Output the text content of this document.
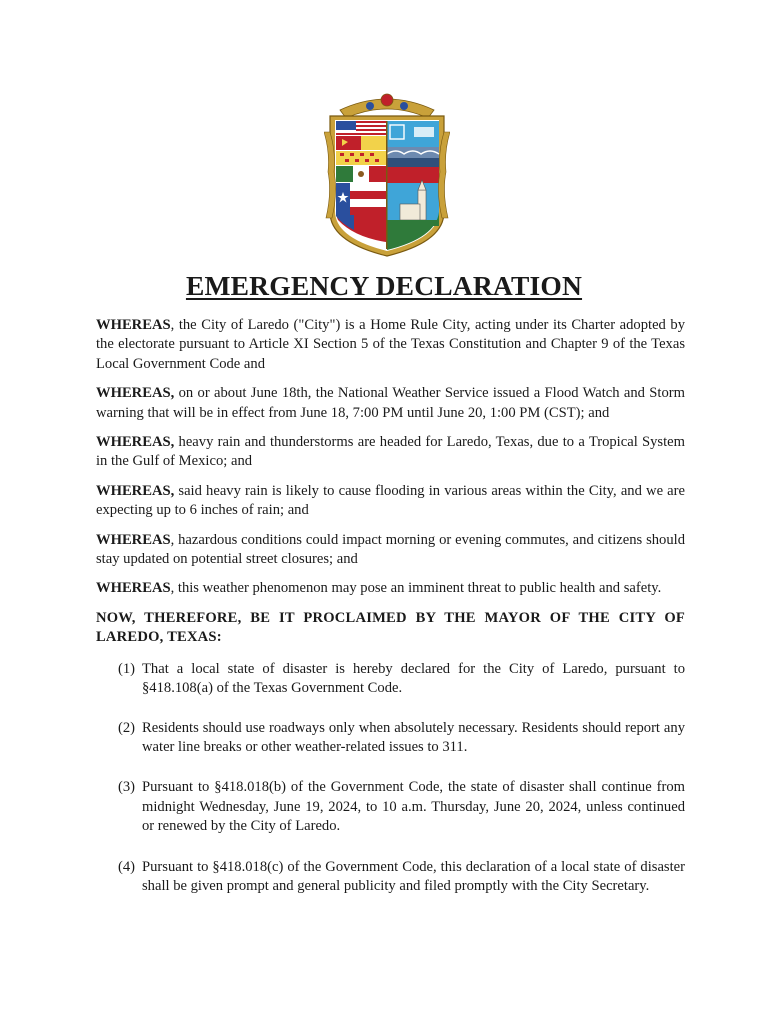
EMERGENCY DECLARATION

WHEREAS, the City of Laredo ("City") is a Home Rule City, acting under its Charter adopted by the electorate pursuant to Article XI Section 5 of the Texas Constitution and Chapter 9 of the Texas Local Government Code and

WHEREAS, on or about June 18th, the National Weather Service issued a Flood Watch and Storm warning that will be in effect from June 18, 7:00 PM until June 20, 1:00 PM (CST); and

WHEREAS, heavy rain and thunderstorms are headed for Laredo, Texas, due to a Tropical System in the Gulf of Mexico; and

WHEREAS, said heavy rain is likely to cause flooding in various areas within the City, and we are expecting up to 6 inches of rain; and

WHEREAS, hazardous conditions could impact morning or evening commutes, and citizens should stay updated on potential street closures; and

WHEREAS, this weather phenomenon may pose an imminent threat to public health and safety.

NOW, THEREFORE, BE IT PROCLAIMED BY THE MAYOR OF THE CITY OF LAREDO, TEXAS:

(1) That a local state of disaster is hereby declared for the City of Laredo, pursuant to §418.108(a) of the Texas Government Code.
(2) Residents should use roadways only when absolutely necessary. Residents should report any water line breaks or other weather-related issues to 311.
(3) Pursuant to §418.018(b) of the Government Code, the state of disaster shall continue from midnight Wednesday, June 19, 2024, to 10 a.m. Thursday, June 20, 2024, unless continued or renewed by the City of Laredo.
(4) Pursuant to §418.018(c) of the Government Code, this declaration of a local state of disaster shall be given prompt and general publicity and filed promptly with the City Secretary.
